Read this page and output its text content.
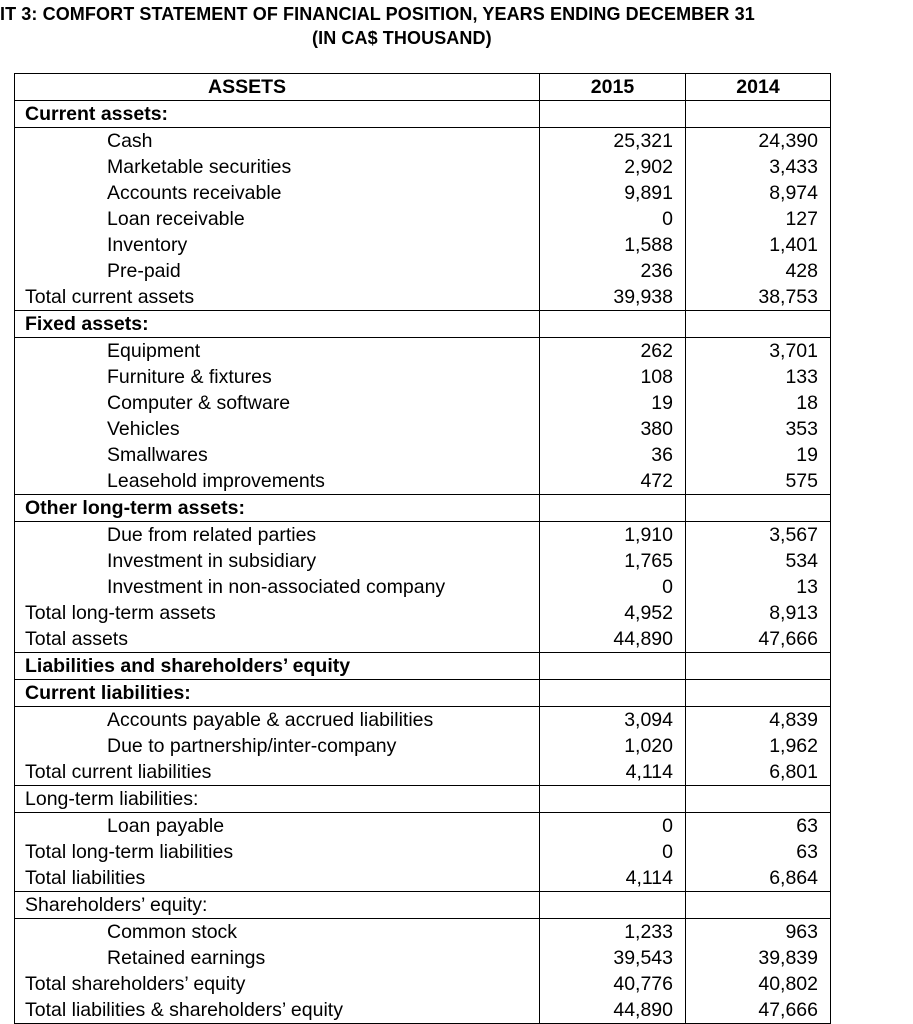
IT 3: COMFORT STATEMENT OF FINANCIAL POSITION, YEARS ENDING DECEMBER 31
(IN CA$ THOUSAND)
ASSETS	2015	2014
Current assets:		
Cash	25,321	24,390
Marketable securities	2,902	3,433
Accounts receivable	9,891	8,974
Loan receivable	0	127
Inventory	1,588	1,401
Pre-paid	236	428
Total current assets	39,938	38,753
Fixed assets:		
Equipment	262	3,701
Furniture & fixtures	108	133
Computer & software	19	18
Vehicles	380	353
Smallwares	36	19
Leasehold improvements	472	575
Other long-term assets:		
Due from related parties	1,910	3,567
Investment in subsidiary	1,765	534
Investment in non-associated company	0	13
Total long-term assets	4,952	8,913
Total assets	44,890	47,666
Liabilities and shareholders’ equity		
Current liabilities:		
Accounts payable & accrued liabilities	3,094	4,839
Due to partnership/inter-company	1,020	1,962
Total current liabilities	4,114	6,801
Long-term liabilities:		
Loan payable	0	63
Total long-term liabilities	0	63
Total liabilities	4,114	6,864
Shareholders’ equity:		
Common stock	1,233	963
Retained earnings	39,543	39,839
Total shareholders’ equity	40,776	40,802
Total liabilities & shareholders’ equity	44,890	47,666
